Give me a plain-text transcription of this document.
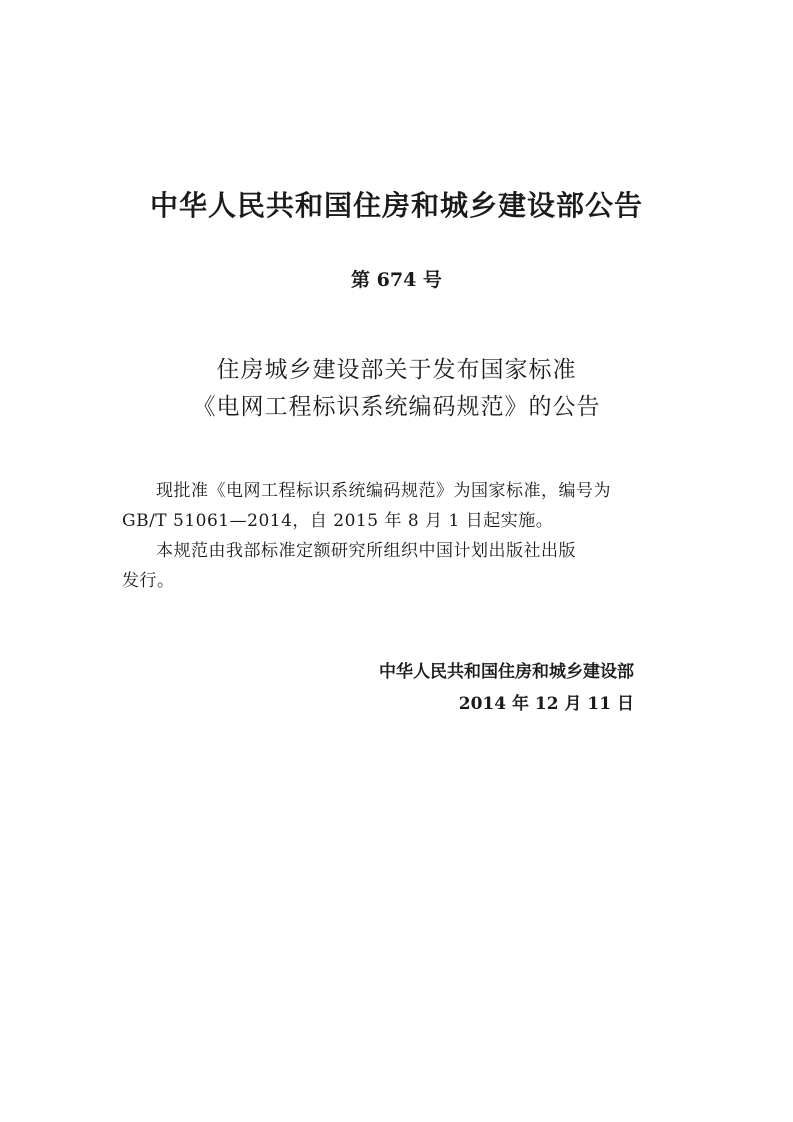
中华人民共和国住房和城乡建设部公告
第 674 号
住房城乡建设部关于发布国家标准
《电网工程标识系统编码规范》的公告

现批准《电网工程标识系统编码规范》为国家标准，编号为

GB/T 51061—2014，自 2015 年 8 月 1 日起实施。

本规范由我部标准定额研究所组织中国计划出版社出版

发行。

中华人民共和国住房和城乡建设部
2014 年 12 月 11 日
